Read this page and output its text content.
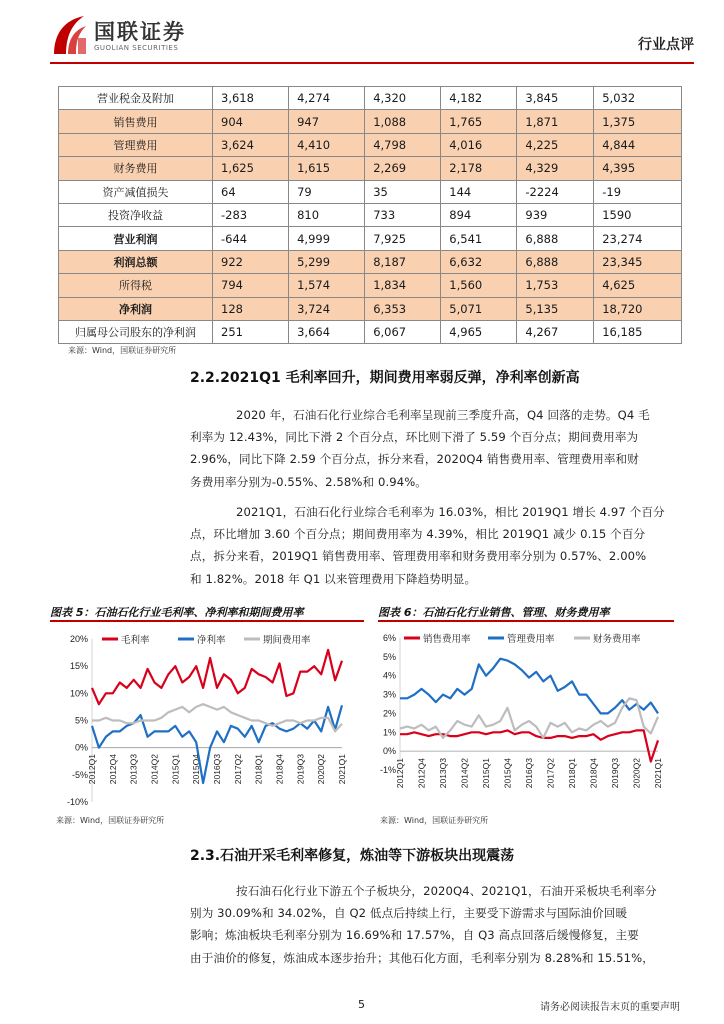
国联证券
GUOLIAN SECURITIES	行业点评
营业税金及附加	3,618	4,274	4,320	4,182	3,845	5,032
销售费用	904	947	1,088	1,765	1,871	1,375
管理费用	3,624	4,410	4,798	4,016	4,225	4,844
财务费用	1,625	1,615	2,269	2,178	4,329	4,395
资产减值损失	64	79	35	144	-2224	-19
投资净收益	-283	810	733	894	939	1590
营业利润	-644	4,999	7,925	6,541	6,888	23,274
利润总额	922	5,299	8,187	6,632	6,888	23,345
所得税	794	1,574	1,834	1,560	1,753	4,625
净利润	128	3,724	6,353	5,071	5,135	18,720
归属母公司股东的净利润	251	3,664	6,067	4,965	4,267	16,185
来源：Wind，国联证券研究所
2.2.2021Q1 毛利率回升，期间费用率弱反弹，净利率创新高
2020 年，石油石化行业综合毛利率呈现前三季度升高，Q4 回落的走势。Q4 毛
利率为 12.43%，同比下滑 2 个百分点，环比则下滑了 5.59 个百分点；期间费用率为
2.96%，同比下降 2.59 个百分点，拆分来看，2020Q4 销售费用率、管理费用率和财
务费用率分别为-0.55%、2.58%和 0.94%。
2021Q1，石油石化行业综合毛利率为 16.03%，相比 2019Q1 增长 4.97 个百分
点，环比增加 3.60 个百分点；期间费用率为 4.39%，相比 2019Q1 减少 0.15 个百分
点，拆分来看，2019Q1 销售费用率、管理费用率和财务费用率分别为 0.57%、2.00%
和 1.82%。2018 年 Q1 以来管理费用下降趋势明显。
图表 5：石油石化行业毛利率、净利率和期间费用率
-10%
-5%
0%
5%
10%
15%
20%
2012Q1 2012Q4 2013Q3 2014Q2 2015Q1 2015Q4 2016Q3 2017Q2 2018Q1 2018Q4 2019Q3 2020Q2 2021Q1
毛利率	净利率	期间费用率
来源：Wind，国联证券研究所
图表 6：石油石化行业销售、管理、财务费用率
-1%
0%
1%
2%
3%
4%
5%
6%
2012Q1 2012Q4 2013Q3 2014Q2 2015Q1 2015Q4 2016Q3 2017Q2 2018Q1 2018Q4 2019Q3 2020Q2 2021Q1
销售费用率	管理费用率	财务费用率
来源：Wind，国联证券研究所
2.3.石油开采毛利率修复，炼油等下游板块出现震荡
按石油石化行业下游五个子板块分，2020Q4、2021Q1，石油开采板块毛利率分
别为 30.09%和 34.02%，自 Q2 低点后持续上行，主要受下游需求与国际油价回暖
影响；炼油板块毛利率分别为 16.69%和 17.57%，自 Q3 高点回落后缓慢修复，主要
由于油价的修复，炼油成本逐步抬升；其他石化方面，毛利率分别为 8.28%和 15.51%，
5	请务必阅读报告末页的重要声明
